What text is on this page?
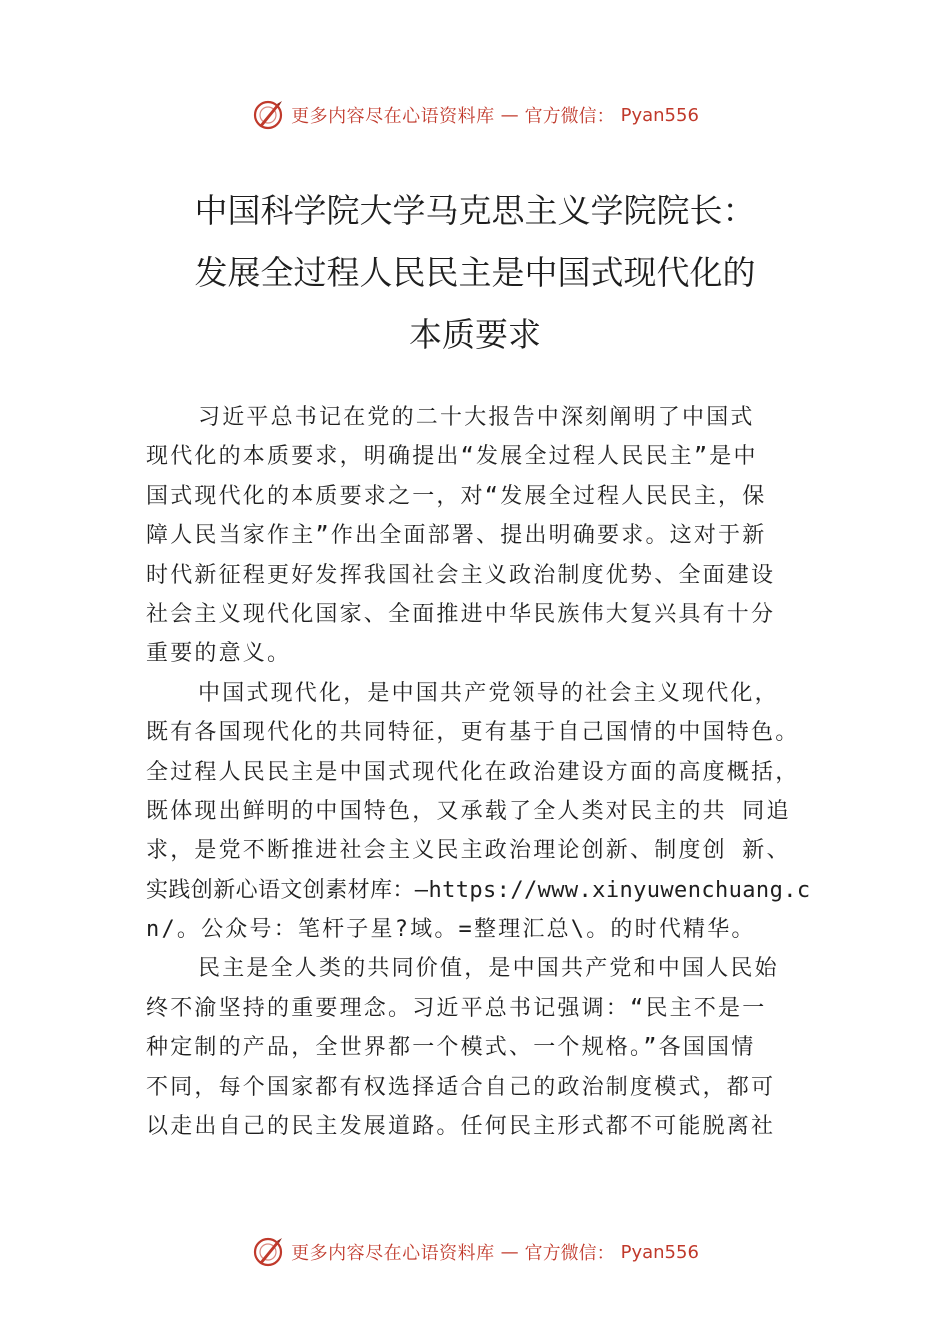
更多内容尽在心语资料库 — 官方微信： Pyan556
中国科学院大学马克思主义学院院长：
发展全过程人民民主是中国式现代化的
本质要求
习近平总书记在党的二十大报告中深刻阐明了中国式
现代化的本质要求，明确提出“发展全过程人民民主”是中
国式现代化的本质要求之一，对“发展全过程人民民主，保
障人民当家作主”作出全面部署、提出明确要求。这对于新
时代新征程更好发挥我国社会主义政治制度优势、全面建设
社会主义现代化国家、全面推进中华民族伟大复兴具有十分
重要的意义。
中国式现代化，是中国共产党领导的社会主义现代化，
既有各国现代化的共同特征，更有基于自己国情的中国特色。
全过程人民民主是中国式现代化在政治建设方面的高度概括，
既体现出鲜明的中国特色，又承载了全人类对民主的共 同追
求，是党不断推进社会主义民主政治理论创新、制度创 新、
实践创新心语文创素材库：—https://www.xinyuwenchuang.c
n/。公众号：笔杆子星?域。=整理汇总\。的时代精华。
民主是全人类的共同价值，是中国共产党和中国人民始
终不渝坚持的重要理念。习近平总书记强调：“民主不是一
种定制的产品，全世界都一个模式、一个规格。”各国国情
不同，每个国家都有权选择适合自己的政治制度模式，都可
以走出自己的民主发展道路。任何民主形式都不可能脱离社
更多内容尽在心语资料库 — 官方微信： Pyan556
